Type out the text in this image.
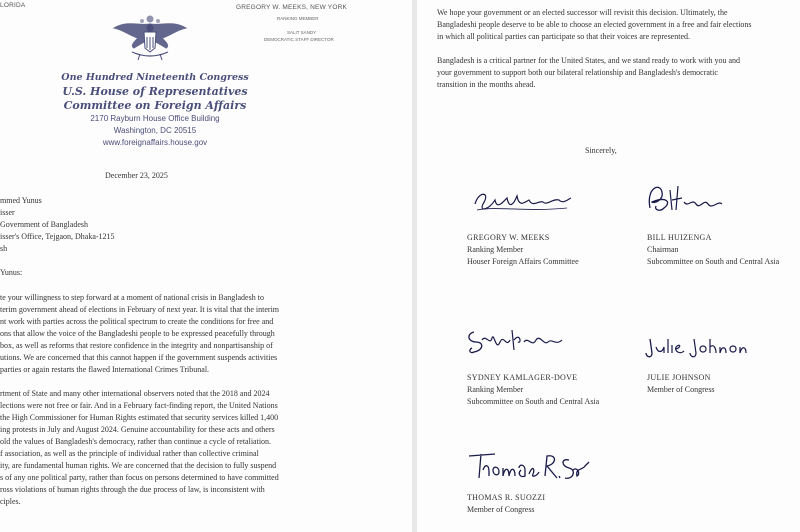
LORIDA	GREGORY W. MEEKS, NEW YORK
RANKING MEMBER
SALIT SANDY
DEMOCRATIC STAFF DIRECTOR
One Hundred Nineteenth Congress
U.S. House of Representatives
Committee on Foreign Affairs
2170 Rayburn House Office Building
Washington, DC 20515
www.foreignaffairs.house.gov
December 23, 2025
mmed Yunus
isser
Government of Bangladesh
isser's Office, Tejgaon, Dhaka-1215
sh
Yunus:
te your willingness to step forward at a moment of national crisis in Bangladesh to
terim government ahead of elections in February of next year. It is vital that the interim
nt work with parties across the political spectrum to create the conditions for free and
ons that allow the voice of the Bangladeshi people to be expressed peacefully through
box, as well as reforms that restore confidence in the integrity and nonpartisanship of
utions. We are concerned that this cannot happen if the government suspends activities
parties or again restarts the flawed International Crimes Tribunal.
rtment of State and many other international observers noted that the 2018 and 2024
lections were not free or fair. And in a February fact-finding report, the United Nations
the High Commissioner for Human Rights estimated that security services killed 1,400
ing protests in July and August 2024. Genuine accountability for these acts and others
old the values of Bangladesh's democracy, rather than continue a cycle of retaliation.
f association, as well as the principle of individual rather than collective criminal
ity, are fundamental human rights. We are concerned that the decision to fully suspend
s of any one political party, rather than focus on persons determined to have committed
ross violations of human rights through the due process of law, is inconsistent with
ciples.
We hope your government or an elected successor will revisit this decision. Ultimately, the
Bangladeshi people deserve to be able to choose an elected government in a free and fair elections
in which all political parties can participate so that their voices are represented.
Bangladesh is a critical partner for the United States, and we stand ready to work with you and
your government to support both our bilateral relationship and Bangladesh's democratic
transition in the months ahead.
Sincerely,
GREGORY W. MEEKS
Ranking Member
Houser Foreign Affairs Committee
BILL HUIZENGA
Chairman
Subcommittee on South and Central Asia
SYDNEY KAMLAGER-DOVE
Ranking Member
Subcommittee on South and Central Asia
JULIE JOHNSON
Member of Congress
THOMAS R. SUOZZI
Member of Congress
